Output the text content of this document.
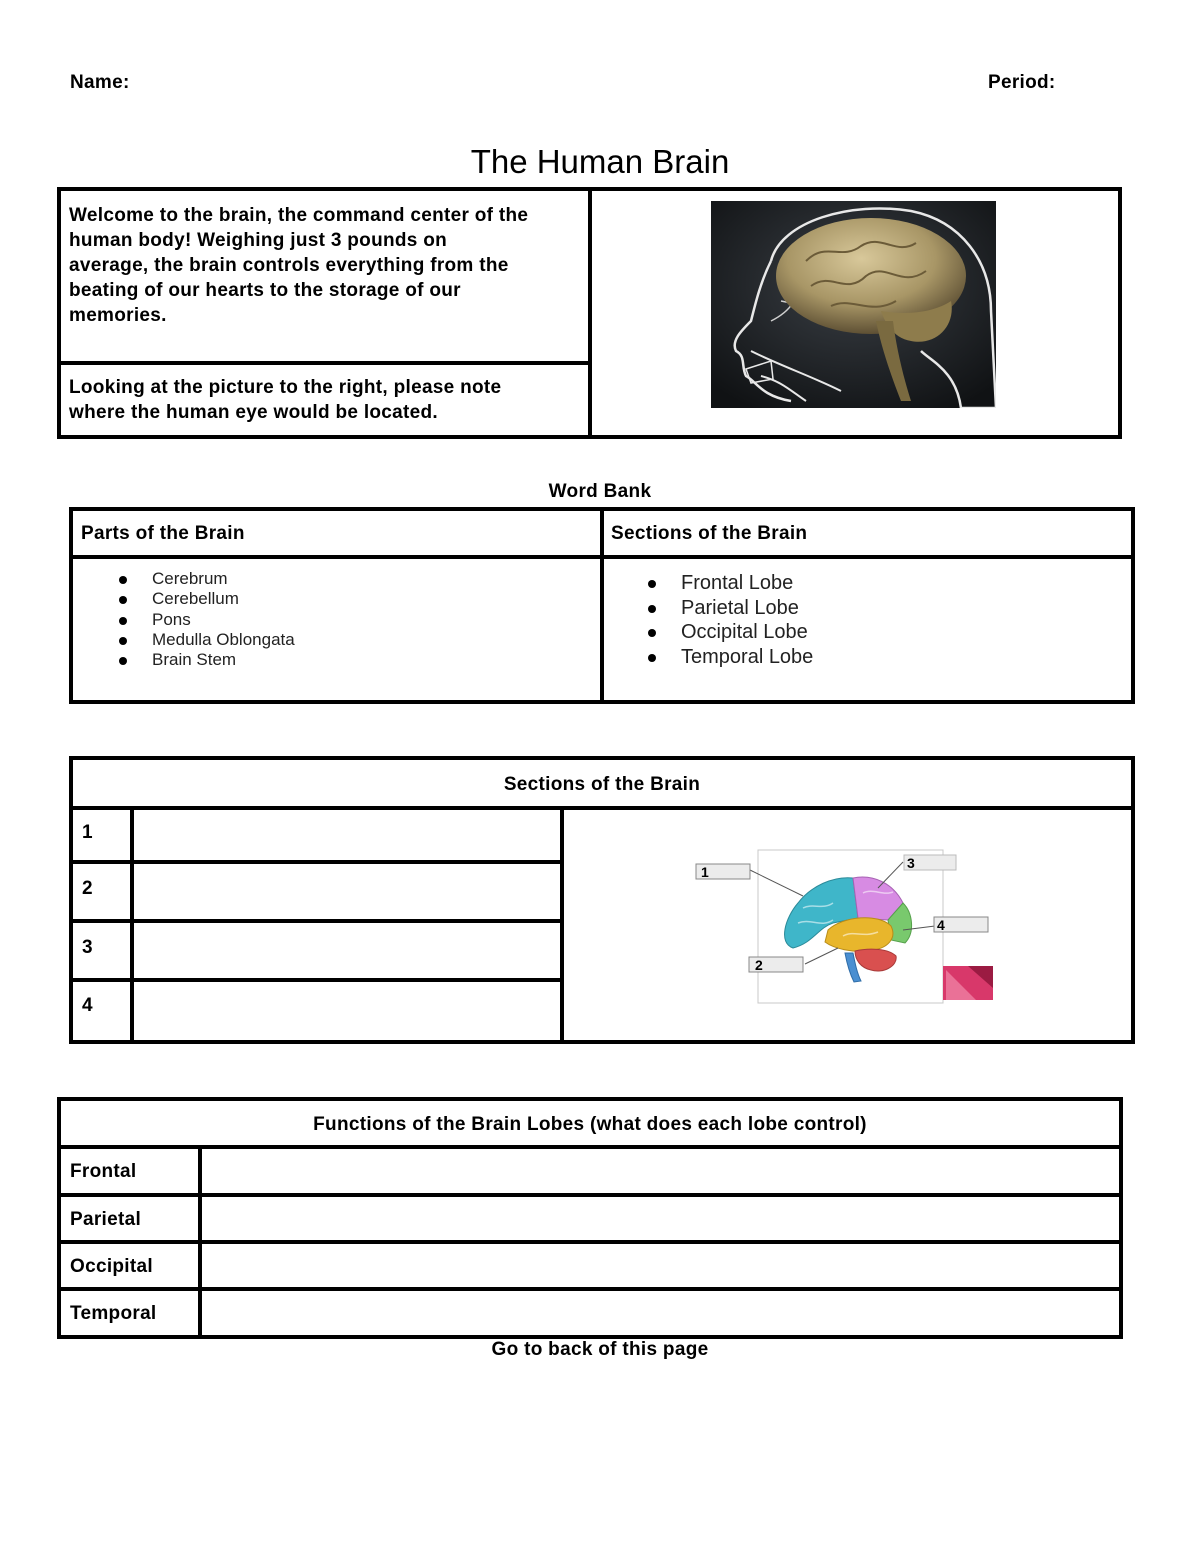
Name:	Period:
The Human Brain
Welcome to the brain, the command center of the
human body! Weighing just 3 pounds on
average, the brain controls everything from the
beating of our hearts to the storage of our
memories.
Looking at the picture to the right, please note
where the human eye would be located.
Word Bank
Parts of the Brain	Sections of the Brain
Cerebrum
Cerebellum
Pons
Medulla Oblongata
Brain Stem
Frontal Lobe
Parietal Lobe
Occipital Lobe
Temporal Lobe
Sections of the Brain
1
2
3
4
1
2
3
4
Functions of the Brain Lobes (what does each lobe control)
Frontal
Parietal
Occipital
Temporal
Go to back of this page
